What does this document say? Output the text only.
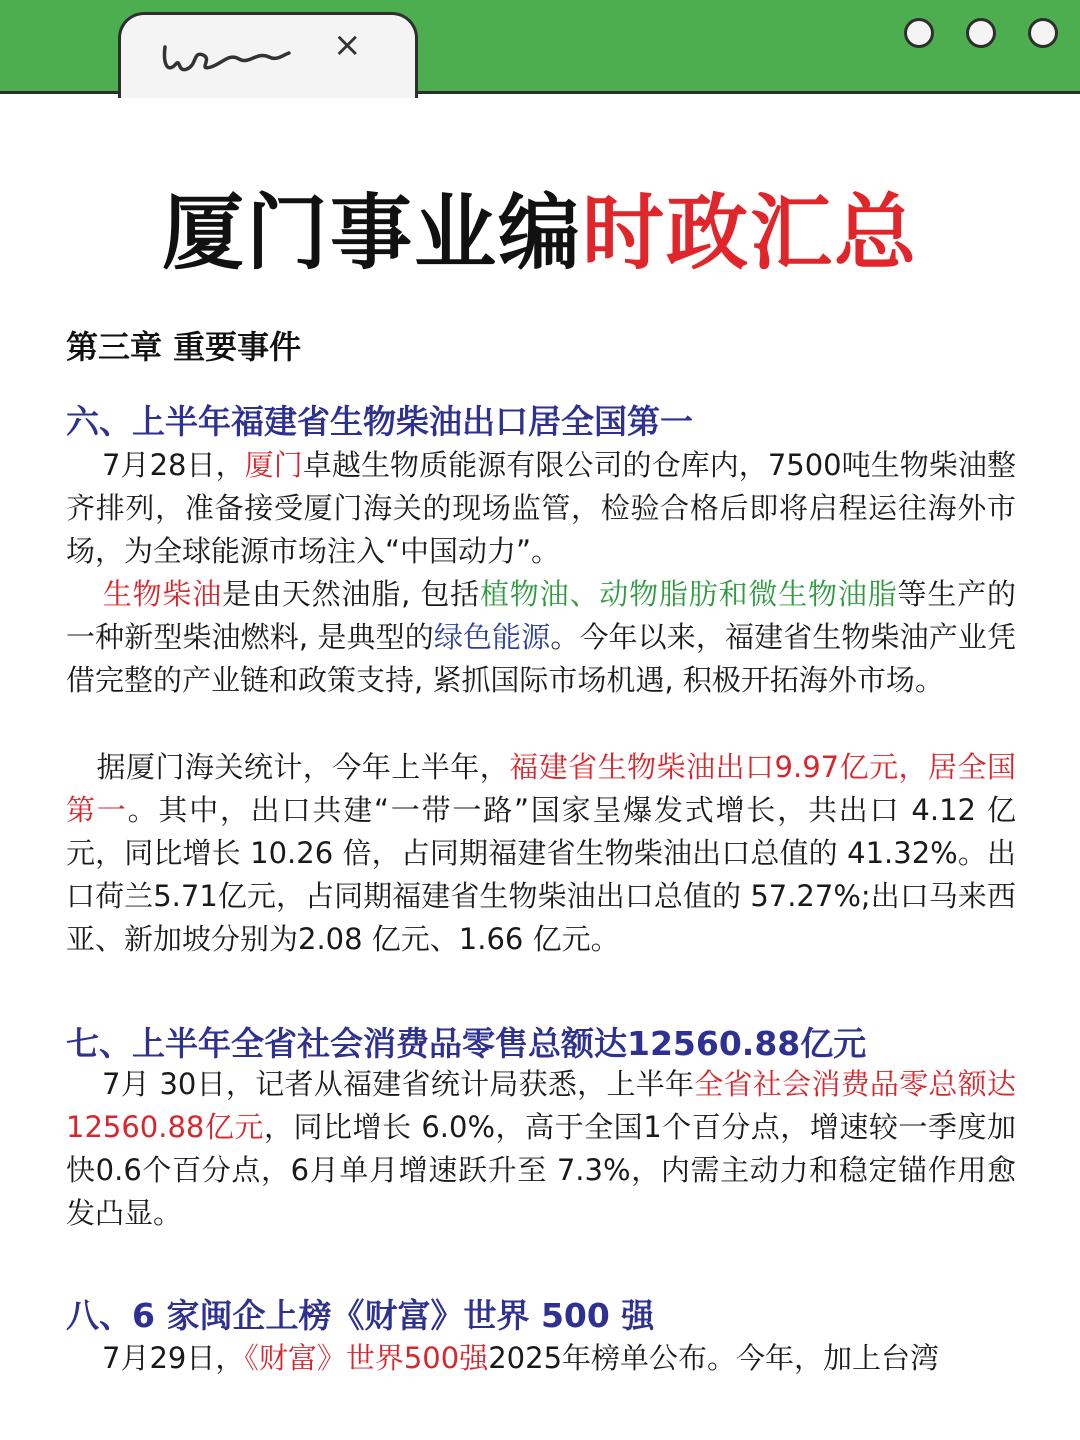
×
厦门事业编时政汇总
第三章 重要事件
六、上半年福建省生物柴油出口居全国第一
7月28日，厦门卓越生物质能源有限公司的仓库内，7500吨生物柴油整齐排列，准备接受厦门海关的现场监管，检验合格后即将启程运往海外市场，为全球能源市场注入“中国动力”。
生物柴油是由天然油脂, 包括植物油、动物脂肪和微生物油脂等生产的一种新型柴油燃料, 是典型的绿色能源。今年以来，福建省生物柴油产业凭借完整的产业链和政策支持, 紧抓国际市场机遇, 积极开拓海外市场。
据厦门海关统计，今年上半年，福建省生物柴油出口9.97亿元，居全国第一。其中，出口共建“一带一路”国家呈爆发式增长，共出口 4.12 亿元，同比增长 10.26 倍，占同期福建省生物柴油出口总值的 41.32%。出口荷兰5.71亿元，占同期福建省生物柴油出口总值的 57.27%;出口马来西亚、新加坡分别为2.08 亿元、1.66 亿元。
七、上半年全省社会消费品零售总额达12560.88亿元
7月 30日，记者从福建省统计局获悉，上半年全省社会消费品零总额达12560.88亿元，同比增长 6.0%，高于全国1个百分点，增速较一季度加快0.6个百分点，6月单月增速跃升至 7.3%，内需主动力和稳定锚作用愈发凸显。
八、6 家闽企上榜《财富》世界 500 强
7月29日，《财富》世界500强2025年榜单公布。今年，加上台湾
